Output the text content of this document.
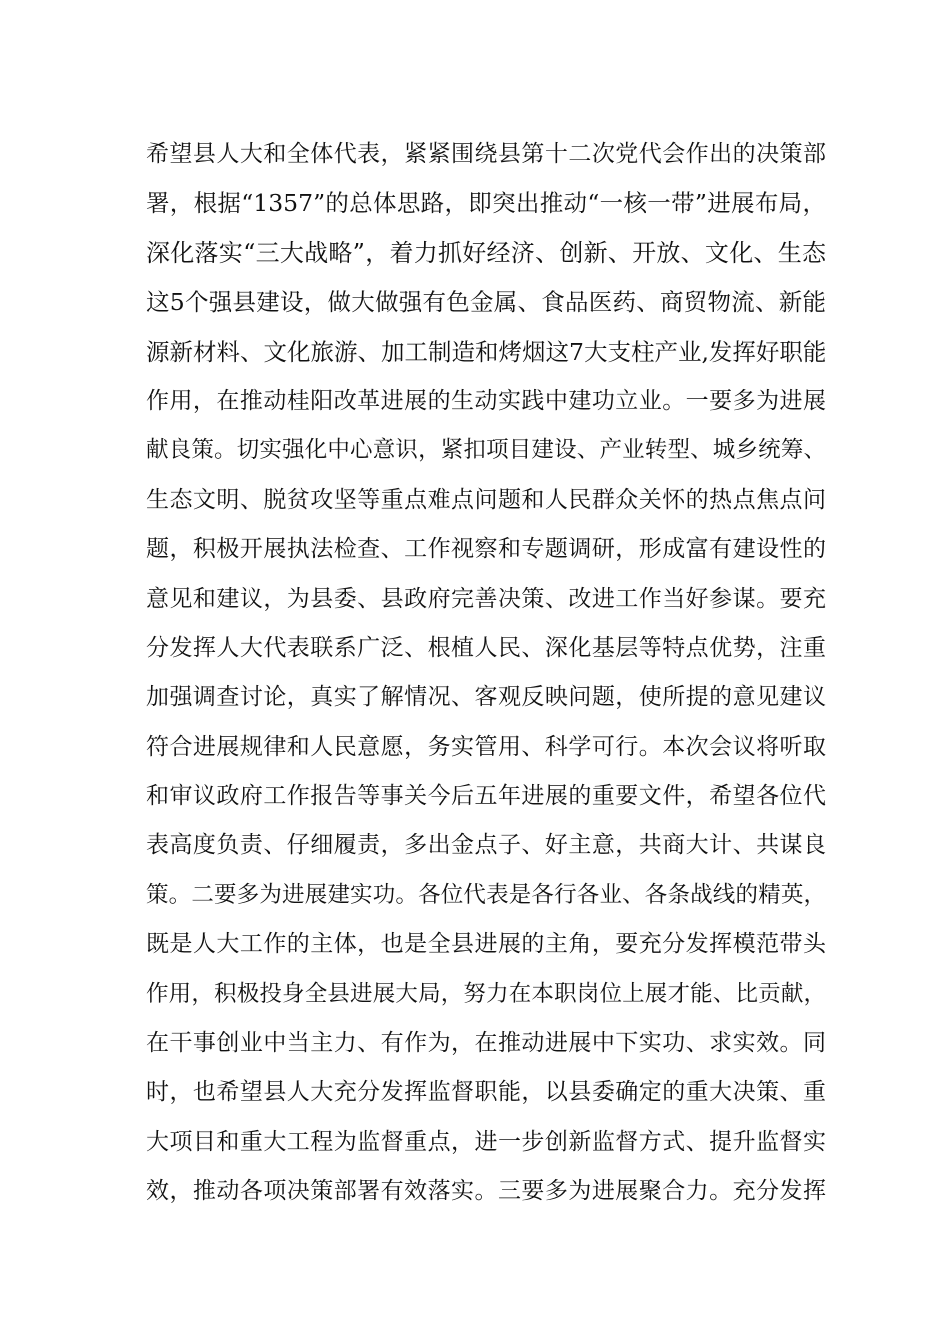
希望县人大和全体代表，紧紧围绕县第十二次党代会作出的决策部
署，根据“1357”的总体思路，即突出推动“一核一带”进展布局，
深化落实“三大战略”，着力抓好经济、创新、开放、文化、生态
这5个强县建设，做大做强有色金属、食品医药、商贸物流、新能
源新材料、文化旅游、加工制造和烤烟这7大支柱产业,发挥好职能
作用，在推动桂阳改革进展的生动实践中建功立业。一要多为进展
献良策。切实强化中心意识，紧扣项目建设、产业转型、城乡统筹、
生态文明、脱贫攻坚等重点难点问题和人民群众关怀的热点焦点问
题，积极开展执法检查、工作视察和专题调研，形成富有建设性的
意见和建议，为县委、县政府完善决策、改进工作当好参谋。要充
分发挥人大代表联系广泛、根植人民、深化基层等特点优势，注重
加强调查讨论，真实了解情况、客观反映问题，使所提的意见建议
符合进展规律和人民意愿，务实管用、科学可行。本次会议将听取
和审议政府工作报告等事关今后五年进展的重要文件，希望各位代
表高度负责、仔细履责，多出金点子、好主意，共商大计、共谋良
策。二要多为进展建实功。各位代表是各行各业、各条战线的精英，
既是人大工作的主体，也是全县进展的主角，要充分发挥模范带头
作用，积极投身全县进展大局，努力在本职岗位上展才能、比贡献，
在干事创业中当主力、有作为，在推动进展中下实功、求实效。同
时，也希望县人大充分发挥监督职能，以县委确定的重大决策、重
大项目和重大工程为监督重点，进一步创新监督方式、提升监督实
效，推动各项决策部署有效落实。三要多为进展聚合力。充分发挥
